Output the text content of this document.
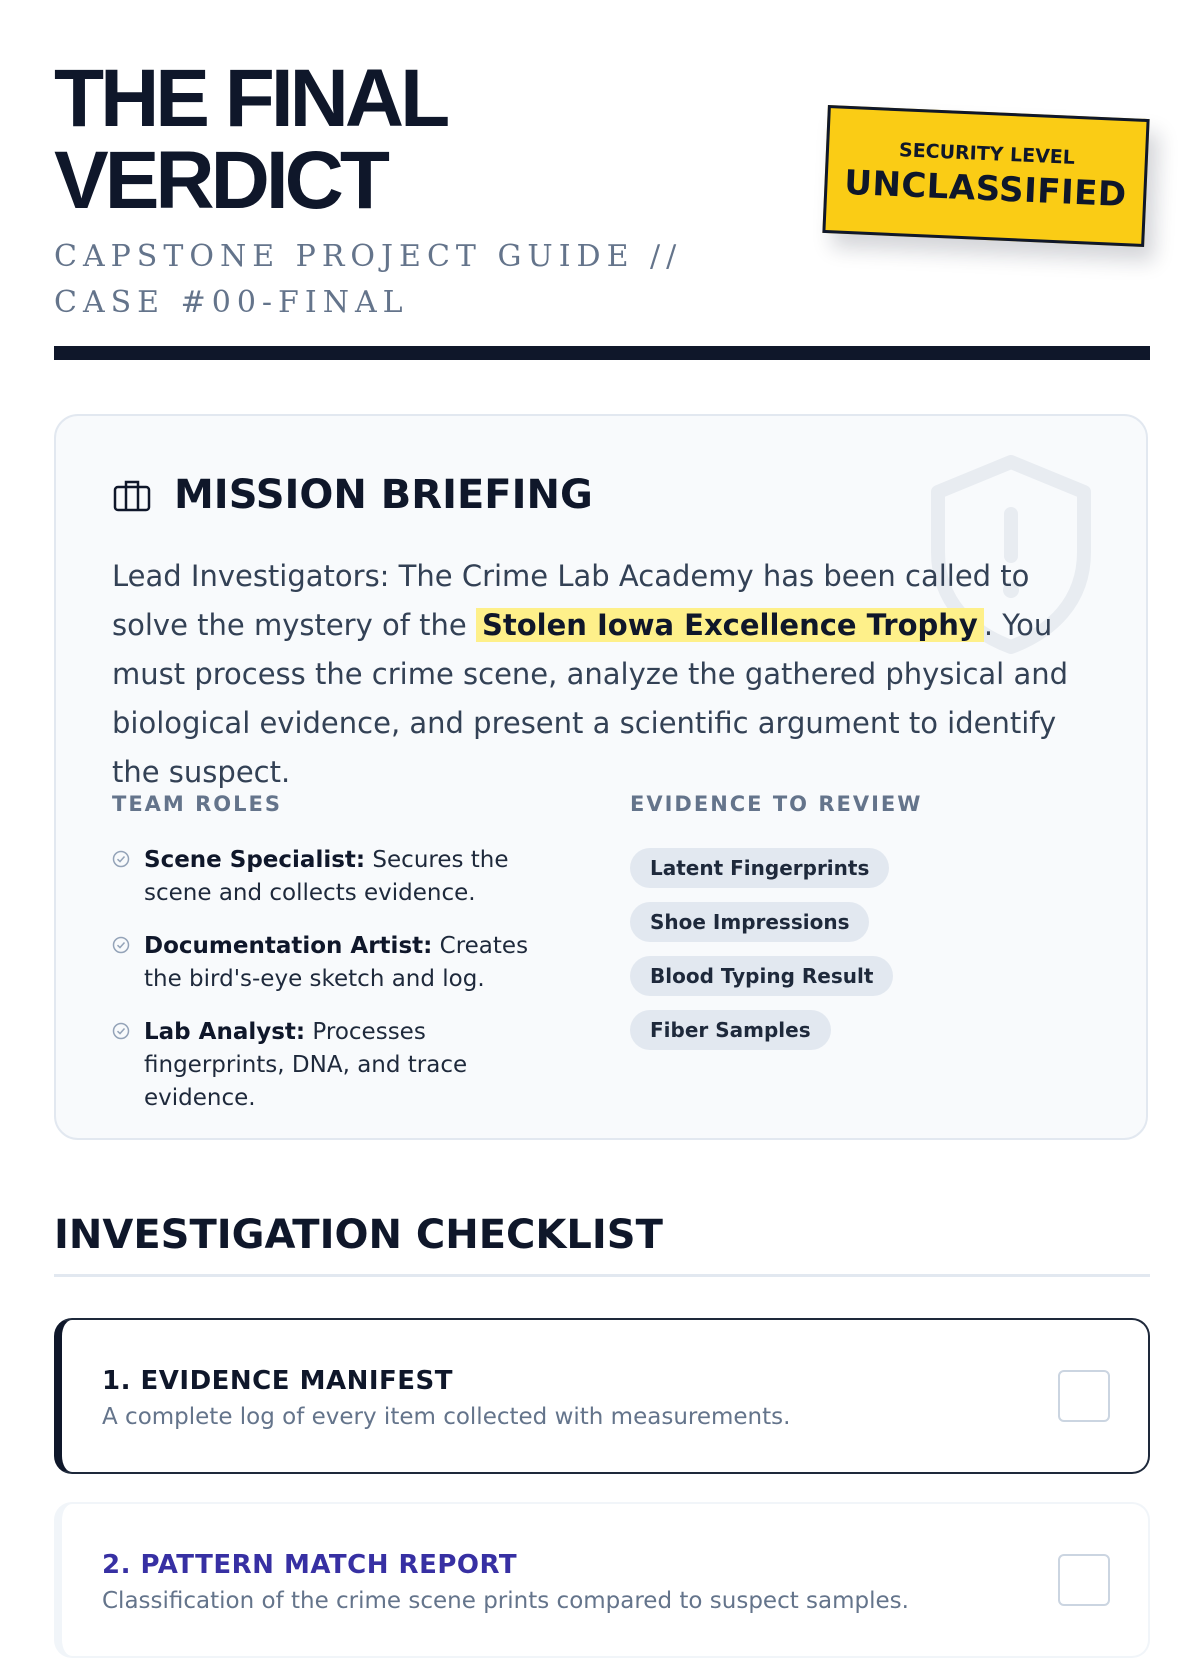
THE FINAL
VERDICT
CAPSTONE PROJECT GUIDE // CASE #00-FINAL
SECURITY LEVEL
UNCLASSIFIED
MISSION BRIEFING

Lead Investigators: The Crime Lab Academy has been called to solve the mystery of the Stolen Iowa Excellence Trophy . You must process the crime scene, analyze the gathered physical and biological evidence, and present a scientific argument to identify the suspect.

TEAM ROLES
Scene Specialist: Secures the scene and collects evidence.
Documentation Artist: Creates the bird's-eye sketch and log.
Lab Analyst: Processes fingerprints, DNA, and trace evidence.
EVIDENCE TO REVIEW
Latent Fingerprints
Shoe Impressions
Blood Typing Result
Fiber Samples
INVESTIGATION CHECKLIST
1. EVIDENCE MANIFEST
A complete log of every item collected with measurements.
2. PATTERN MATCH REPORT
Classification of the crime scene prints compared to suspect samples.
